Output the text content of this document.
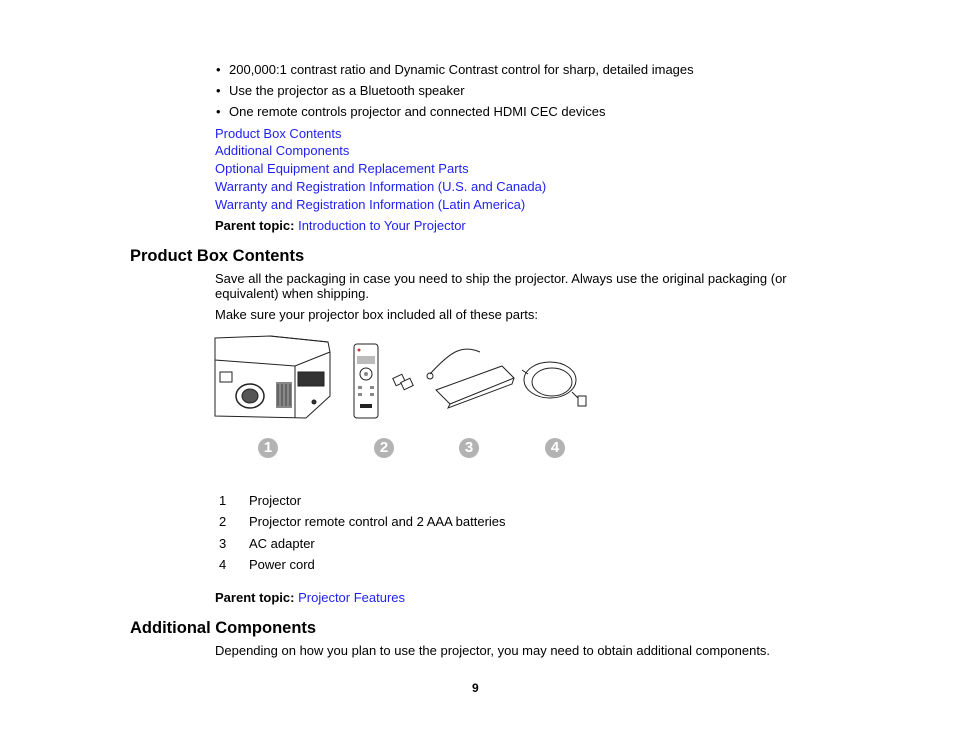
• 200,000:1 contrast ratio and Dynamic Contrast control for sharp, detailed images
• Use the projector as a Bluetooth speaker
• One remote controls projector and connected HDMI CEC devices
Product Box Contents
Additional Components
Optional Equipment and Replacement Parts
Warranty and Registration Information (U.S. and Canada)
Warranty and Registration Information (Latin America)
Parent topic: Introduction to Your Projector
Product Box Contents
Save all the packaging in case you need to ship the projector. Always use the original packaging (or
equivalent) when shipping.
Make sure your projector box included all of these parts:
1	2	3	4
1 Projector
2 Projector remote control and 2 AAA batteries
3 AC adapter
4 Power cord
Parent topic: Projector Features
Additional Components
Depending on how you plan to use the projector, you may need to obtain additional components.
9
